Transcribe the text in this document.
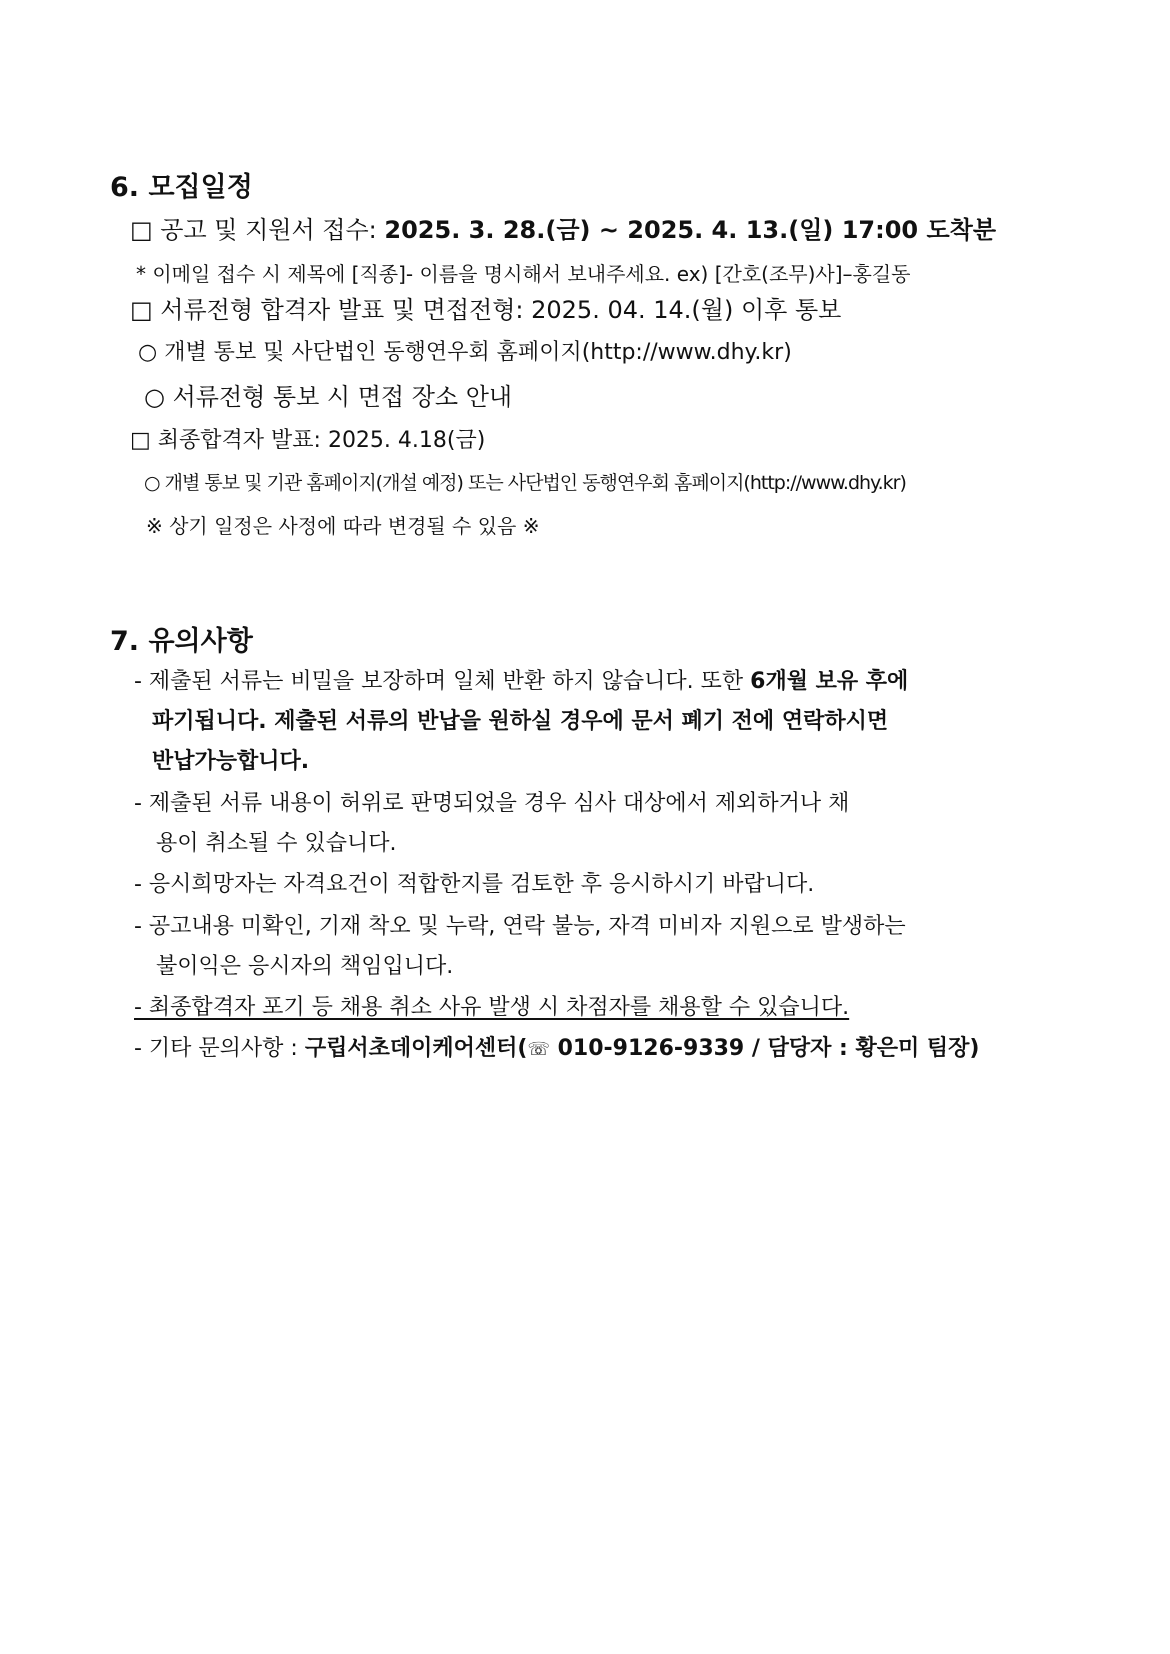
6. 모집일정
□ 공고 및 지원서 접수: 2025. 3. 28.(금) ~ 2025. 4. 13.(일) 17:00 도착분
* 이메일 접수 시 제목에 [직종]- 이름을 명시해서 보내주세요. ex) [간호(조무)사]–홍길동
□ 서류전형 합격자 발표 및 면접전형: 2025. 04. 14.(월) 이후 통보
○ 개별 통보 및 사단법인 동행연우회 홈페이지(http://www.dhy.kr)
○ 서류전형 통보 시 면접 장소 안내
□ 최종합격자 발표: 2025. 4.18(금)
○ 개별 통보 및 기관 홈페이지(개설 예정) 또는 사단법인 동행연우회 홈페이지(http://www.dhy.kr)
※ 상기 일정은 사정에 따라 변경될 수 있음 ※
7. 유의사항
- 제출된 서류는 비밀을 보장하며 일체 반환 하지 않습니다. 또한 6개월 보유 후에
파기됩니다. 제출된 서류의 반납을 원하실 경우에 문서 폐기 전에 연락하시면
반납가능합니다.
- 제출된 서류 내용이 허위로 판명되었을 경우 심사 대상에서 제외하거나 채
용이 취소될 수 있습니다.
- 응시희망자는 자격요건이 적합한지를 검토한 후 응시하시기 바랍니다.
- 공고내용 미확인, 기재 착오 및 누락, 연락 불능, 자격 미비자 지원으로 발생하는
불이익은 응시자의 책임입니다.
- 최종합격자 포기 등 채용 취소 사유 발생 시 차점자를 채용할 수 있습니다.
- 기타 문의사항 : 구립서초데이케어센터(☏ 010-9126-9339 / 담당자 : 황은미 팀장)
